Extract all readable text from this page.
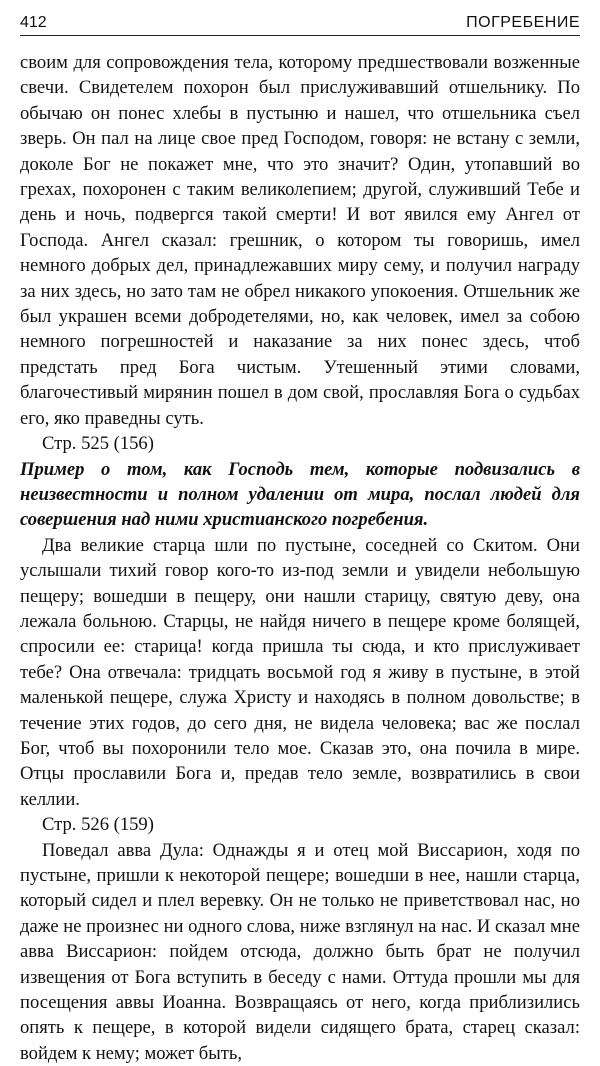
412	ПОГРЕБЕНИЕ

своим для сопровождения тела, которому предшествовали возженные свечи. Свидетелем похорон был прислуживавший отшельнику. По обычаю он понес хлебы в пустыню и нашел, что отшельника съел зверь. Он пал на лице свое пред Господом, говоря: не встану с земли, доколе Бог не покажет мне, что это значит? Один, утопавший во грехах, похоронен с таким великолепием; другой, служивший Тебе и день и ночь, подвергся такой смерти! И вот явился ему Ангел от Господа. Ангел сказал: грешник, о котором ты говоришь, имел немного добрых дел, принадлежавших миру сему, и получил награду за них здесь, но зато там не обрел никакого упокоения. Отшельник же был украшен всеми добродетелями, но, как человек, имел за собою немного погрешностей и наказание за них понес здесь, чтоб предстать пред Бога чистым. Утешенный этими словами, благочестивый мирянин пошел в дом свой, прославляя Бога о судьбах его, яко праведны суть.

Стр. 525 (156)

Пример о том, как Господь тем, которые подвизались в неизвестности и полном удалении от мира, послал людей для совершения над ними христианского погребения.

Два великие старца шли по пустыне, соседней со Скитом. Они услышали тихий говор кого-то из-под земли и увидели небольшую пещеру; вошедши в пещеру, они нашли старицу, святую деву, она лежала больною. Старцы, не найдя ничего в пещере кроме болящей, спросили ее: старица! когда пришла ты сюда, и кто прислуживает тебе? Она отвечала: тридцать восьмой год я живу в пустыне, в этой маленькой пещере, служа Христу и находясь в полном довольстве; в течение этих годов, до сего дня, не видела человека; вас же послал Бог, чтоб вы похоронили тело мое. Сказав это, она почила в мире. Отцы прославили Бога и, предав тело земле, возвратились в свои келлии.

Стр. 526 (159)

Поведал авва Дула: Однажды я и отец мой Виссарион, ходя по пустыне, пришли к некоторой пещере; вошедши в нее, нашли старца, который сидел и плел веревку. Он не только не приветствовал нас, но даже не произнес ни одного слова, ниже взглянул на нас. И сказал мне авва Виссарион: пойдем отсюда, должно быть брат не получил извещения от Бога вступить в беседу с нами. Оттуда прошли мы для посещения аввы Иоанна. Возвращаясь от него, когда приблизились опять к пещере, в которой видели сидящего брата, старец сказал: войдем к нему; может быть,
